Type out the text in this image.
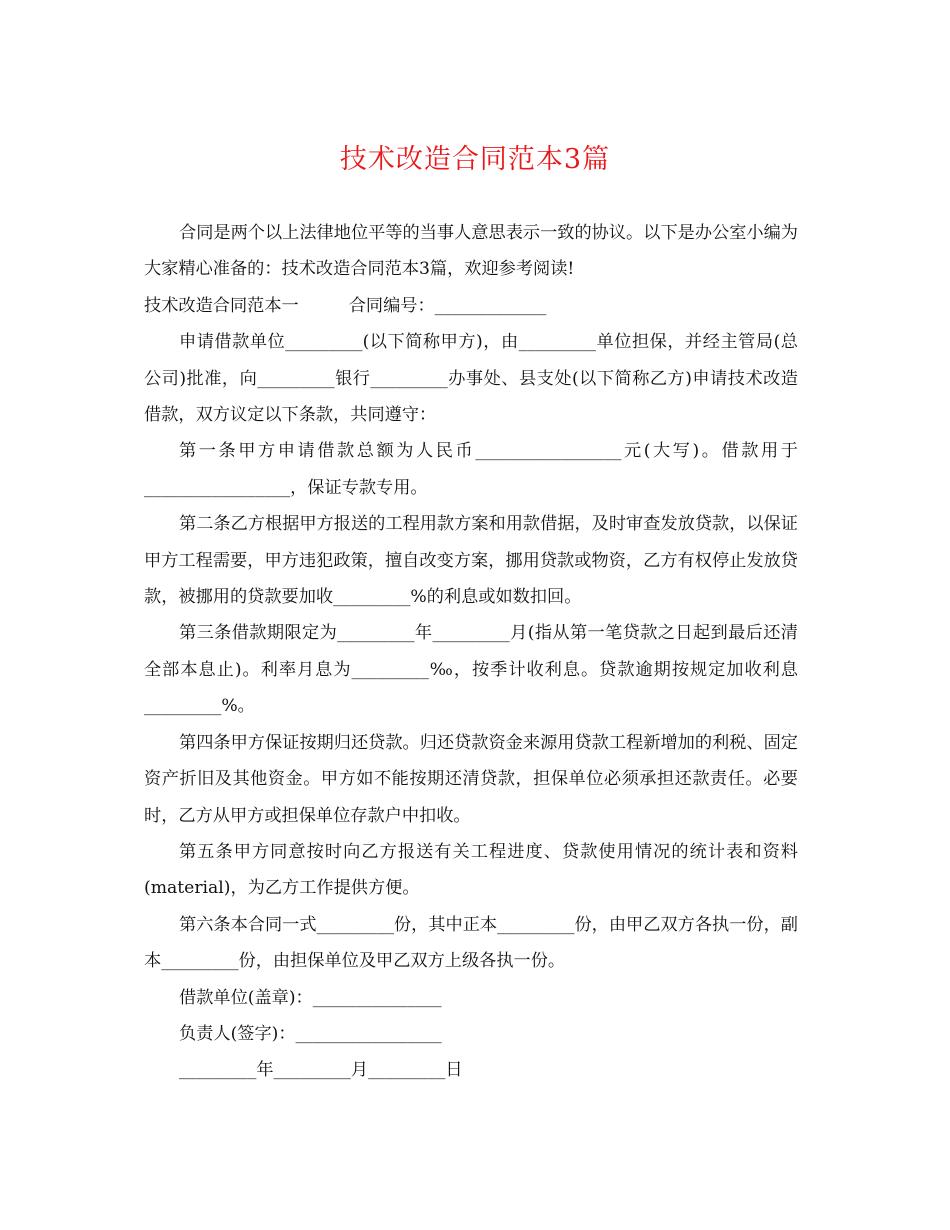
技术改造合同范本3篇

合同是两个以上法律地位平等的当事人意思表示一致的协议。以下是办公室小编为大家精心准备的：技术改造合同范本3篇，欢迎参考阅读!

技术改造合同范本一	合同编号：_____________

申请借款单位_________(以下简称甲方)，由_________单位担保，并经主管局(总公司)批准，向_________银行_________办事处、县支处(以下简称乙方)申请技术改造借款，双方议定以下条款，共同遵守：

第一条甲方申请借款总额为人民币_________________元(大写)。借款用于_________________，保证专款专用。

第二条乙方根据甲方报送的工程用款方案和用款借据，及时审查发放贷款，以保证甲方工程需要，甲方违犯政策，擅自改变方案，挪用贷款或物资，乙方有权停止发放贷款，被挪用的贷款要加收_________%的利息或如数扣回。

第三条借款期限定为_________年_________月(指从第一笔贷款之日起到最后还清全部本息止)。利率月息为_________‰，按季计收利息。贷款逾期按规定加收利息_________%。

第四条甲方保证按期归还贷款。归还贷款资金来源用贷款工程新增加的利税、固定资产折旧及其他资金。甲方如不能按期还清贷款，担保单位必须承担还款责任。必要时，乙方从甲方或担保单位存款户中扣收。

第五条甲方同意按时向乙方报送有关工程进度、贷款使用情况的统计表和资料(material)，为乙方工作提供方便。

第六条本合同一式_________份，其中正本_________份，由甲乙双方各执一份，副本_________份，由担保单位及甲乙双方上级各执一份。

借款单位(盖章)：_______________

负责人(签字)：_________________

_________年_________月_________日
